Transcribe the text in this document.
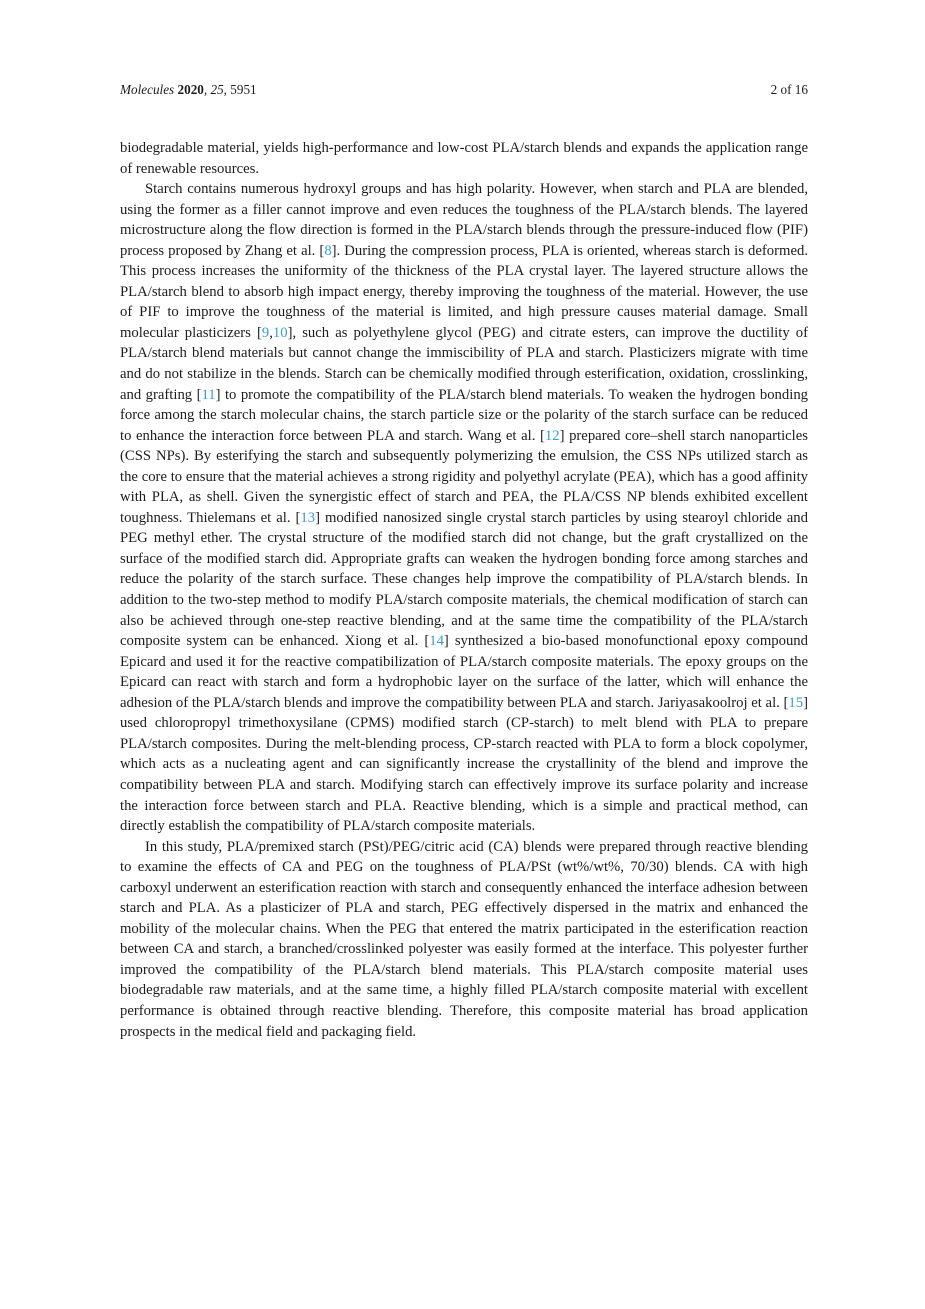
Molecules 2020, 25, 5951	2 of 16

biodegradable material, yields high-performance and low-cost PLA/starch blends and expands the application range of renewable resources.

Starch contains numerous hydroxyl groups and has high polarity. However, when starch and PLA are blended, using the former as a filler cannot improve and even reduces the toughness of the PLA/starch blends. The layered microstructure along the flow direction is formed in the PLA/starch blends through the pressure-induced flow (PIF) process proposed by Zhang et al. [8]. During the compression process, PLA is oriented, whereas starch is deformed. This process increases the uniformity of the thickness of the PLA crystal layer. The layered structure allows the PLA/starch blend to absorb high impact energy, thereby improving the toughness of the material. However, the use of PIF to improve the toughness of the material is limited, and high pressure causes material damage. Small molecular plasticizers [9,10], such as polyethylene glycol (PEG) and citrate esters, can improve the ductility of PLA/starch blend materials but cannot change the immiscibility of PLA and starch. Plasticizers migrate with time and do not stabilize in the blends. Starch can be chemically modified through esterification, oxidation, crosslinking, and grafting [11] to promote the compatibility of the PLA/starch blend materials. To weaken the hydrogen bonding force among the starch molecular chains, the starch particle size or the polarity of the starch surface can be reduced to enhance the interaction force between PLA and starch. Wang et al. [12] prepared core–shell starch nanoparticles (CSS NPs). By esterifying the starch and subsequently polymerizing the emulsion, the CSS NPs utilized starch as the core to ensure that the material achieves a strong rigidity and polyethyl acrylate (PEA), which has a good affinity with PLA, as shell. Given the synergistic effect of starch and PEA, the PLA/CSS NP blends exhibited excellent toughness. Thielemans et al. [13] modified nanosized single crystal starch particles by using stearoyl chloride and PEG methyl ether. The crystal structure of the modified starch did not change, but the graft crystallized on the surface of the modified starch did. Appropriate grafts can weaken the hydrogen bonding force among starches and reduce the polarity of the starch surface. These changes help improve the compatibility of PLA/starch blends. In addition to the two-step method to modify PLA/starch composite materials, the chemical modification of starch can also be achieved through one-step reactive blending, and at the same time the compatibility of the PLA/starch composite system can be enhanced. Xiong et al. [14] synthesized a bio-based monofunctional epoxy compound Epicard and used it for the reactive compatibilization of PLA/starch composite materials. The epoxy groups on the Epicard can react with starch and form a hydrophobic layer on the surface of the latter, which will enhance the adhesion of the PLA/starch blends and improve the compatibility between PLA and starch. Jariyasakoolroj et al. [15] used chloropropyl trimethoxysilane (CPMS) modified starch (CP-starch) to melt blend with PLA to prepare PLA/starch composites. During the melt-blending process, CP-starch reacted with PLA to form a block copolymer, which acts as a nucleating agent and can significantly increase the crystallinity of the blend and improve the compatibility between PLA and starch. Modifying starch can effectively improve its surface polarity and increase the interaction force between starch and PLA. Reactive blending, which is a simple and practical method, can directly establish the compatibility of PLA/starch composite materials.

In this study, PLA/premixed starch (PSt)/PEG/citric acid (CA) blends were prepared through reactive blending to examine the effects of CA and PEG on the toughness of PLA/PSt (wt%/wt%, 70/30) blends. CA with high carboxyl underwent an esterification reaction with starch and consequently enhanced the interface adhesion between starch and PLA. As a plasticizer of PLA and starch, PEG effectively dispersed in the matrix and enhanced the mobility of the molecular chains. When the PEG that entered the matrix participated in the esterification reaction between CA and starch, a branched/crosslinked polyester was easily formed at the interface. This polyester further improved the compatibility of the PLA/starch blend materials. This PLA/starch composite material uses biodegradable raw materials, and at the same time, a highly filled PLA/starch composite material with excellent performance is obtained through reactive blending. Therefore, this composite material has broad application prospects in the medical field and packaging field.
